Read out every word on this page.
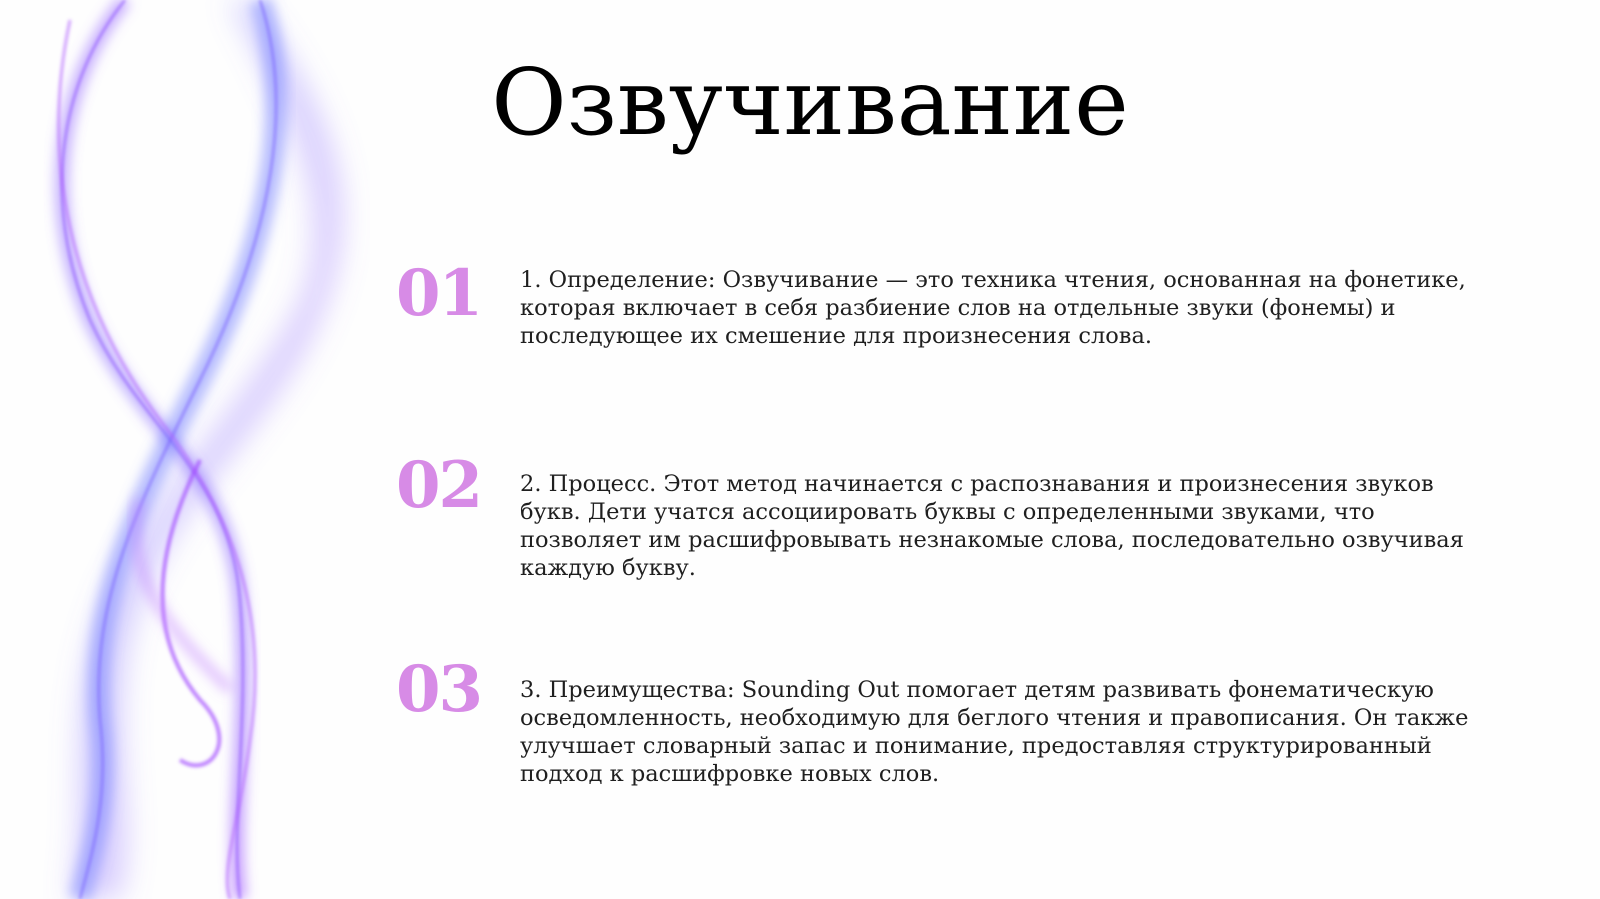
Озвучивание
01 1. Определение: Озвучивание — это техника чтения, основанная на фонетике, которая включает в себя разбиение слов на отдельные звуки (фонемы) и последующее их смешение для произнесения слова.
02 2. Процесс. Этот метод начинается с распознавания и произнесения звуков букв. Дети учатся ассоциировать буквы с определенными звуками, что позволяет им расшифровывать незнакомые слова, последовательно озвучивая каждую букву.
03 3. Преимущества: Sounding Out помогает детям развивать фонематическую осведомленность, необходимую для беглого чтения и правописания. Он также улучшает словарный запас и понимание, предоставляя структурированный подход к расшифровке новых слов.
